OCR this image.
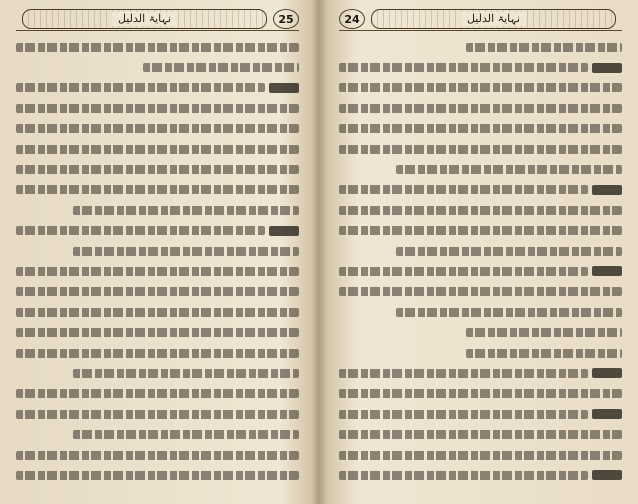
نہایۃ الدلیل	25	24	نہایۃ الدلیل
